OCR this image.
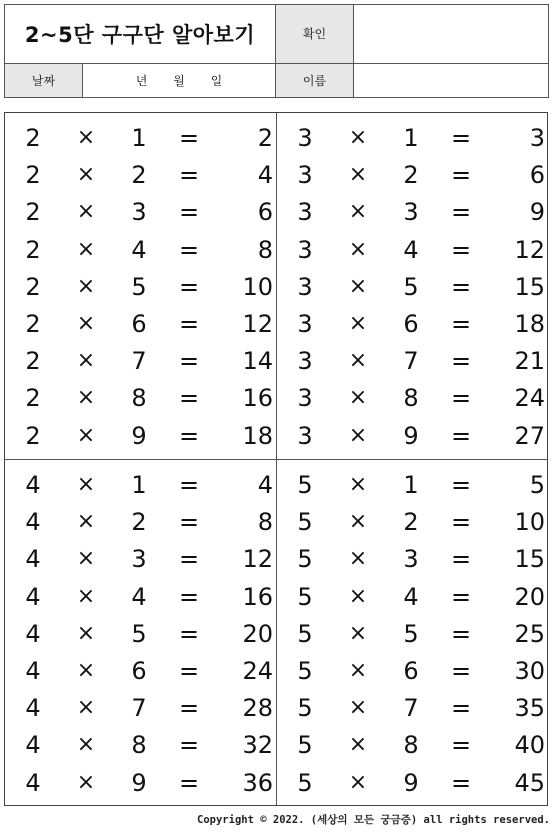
2~5단 구구단 알아보기		확인	
날짜	년 월 일	이름	
2	×	1	=	2
2	×	2	=	4
2	×	3	=	6
2	×	4	=	8
2	×	5	=	10
2	×	6	=	12
2	×	7	=	14
2	×	8	=	16
2	×	9	=	18
3	×	1	=	3
3	×	2	=	6
3	×	3	=	9
3	×	4	=	12
3	×	5	=	15
3	×	6	=	18
3	×	7	=	21
3	×	8	=	24
3	×	9	=	27
4	×	1	=	4
4	×	2	=	8
4	×	3	=	12
4	×	4	=	16
4	×	5	=	20
4	×	6	=	24
4	×	7	=	28
4	×	8	=	32
4	×	9	=	36
5	×	1	=	5
5	×	2	=	10
5	×	3	=	15
5	×	4	=	20
5	×	5	=	25
5	×	6	=	30
5	×	7	=	35
5	×	8	=	40
5	×	9	=	45
Copyright © 2022. (세상의 모든 궁금증) all rights reserved.
